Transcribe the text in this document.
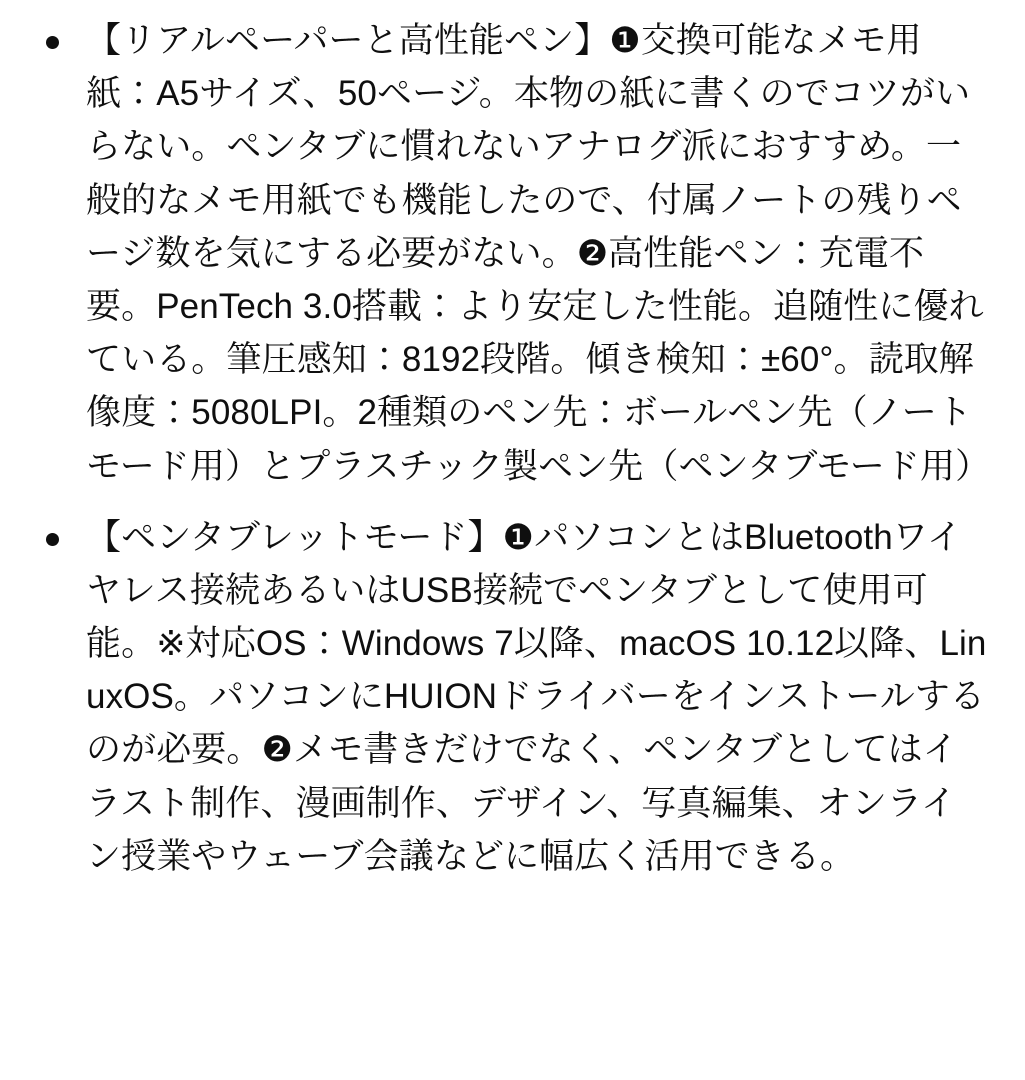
【リアルペーパーと高性能ペン】❶交換可能なメモ用紙：A5サイズ、50ページ。本物の紙に書くのでコツがいらない。ペンタブに慣れないアナログ派におすすめ。一般的なメモ用紙でも機能したので、付属ノートの残りページ数を気にする必要がない。❷高性能ペン：充電不要。PenTech 3.0搭載：より安定した性能。追随性に優れている。筆圧感知：8192段階。傾き検知：±60°。読取解像度：5080LPI。2種類のペン先：ボールペン先（ノートモード用）とプラスチック製ペン先（ペンタブモード用）
【ペンタブレットモード】❶パソコンとはBluetoothワイヤレス接続あるいはUSB接続でペンタブとして使用可能。※対応OS：Windows 7以降、macOS 10.12以降、LinuxOS。パソコンにHUIONドライバーをインストールするのが必要。❷メモ書きだけでなく、ペンタブとしてはイラスト制作、漫画制作、デザイン、写真編集、オンライン授業やウェーブ会議などに幅広く活用できる。
